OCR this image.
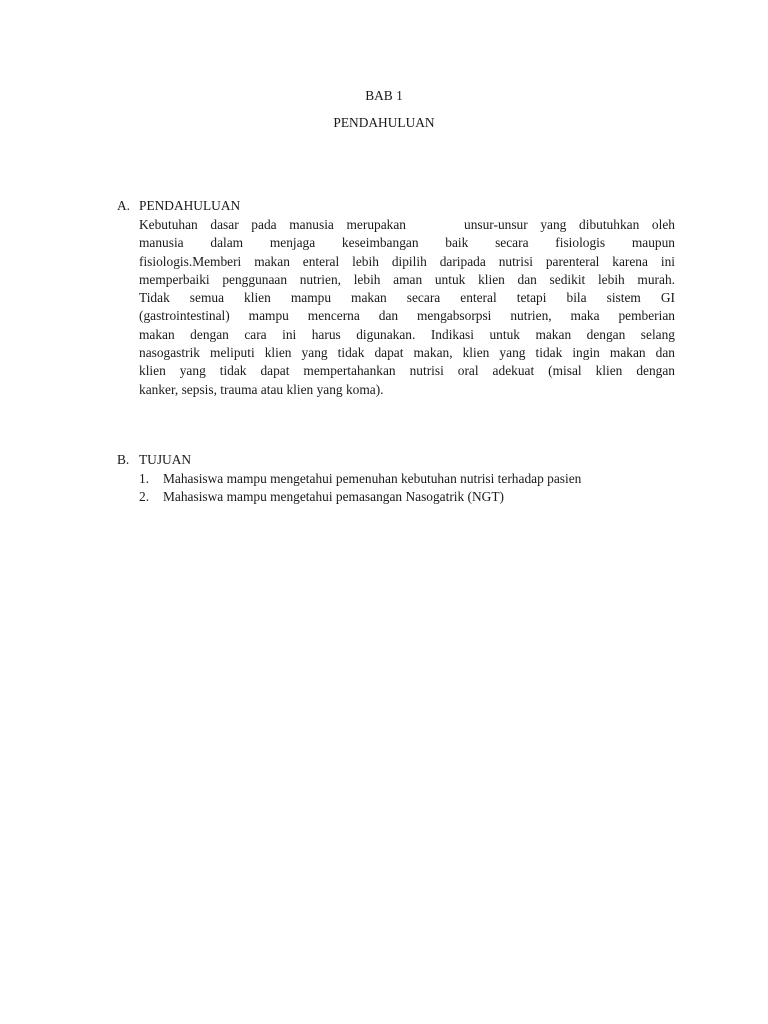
BAB 1
PENDAHULUAN
A. PENDAHULUAN
Kebutuhan dasar pada manusia merupakan	unsur-unsur yang dibutuhkan oleh
manusia dalam menjaga keseimbangan baik secara fisiologis maupun
fisiologis.Memberi makan enteral lebih dipilih daripada nutrisi parenteral karena ini
memperbaiki penggunaan nutrien, lebih aman untuk klien dan sedikit lebih murah.
Tidak semua klien mampu makan secara enteral tetapi bila sistem GI
(gastrointestinal) mampu mencerna dan mengabsorpsi nutrien, maka pemberian
makan dengan cara ini harus digunakan. Indikasi untuk makan dengan selang
nasogastrik meliputi klien yang tidak dapat makan, klien yang tidak ingin makan dan
klien yang tidak dapat mempertahankan nutrisi oral adekuat (misal klien dengan
kanker, sepsis, trauma atau klien yang koma).
B. TUJUAN
1. Mahasiswa mampu mengetahui pemenuhan kebutuhan nutrisi terhadap pasien
2. Mahasiswa mampu mengetahui pemasangan Nasogatrik (NGT)
